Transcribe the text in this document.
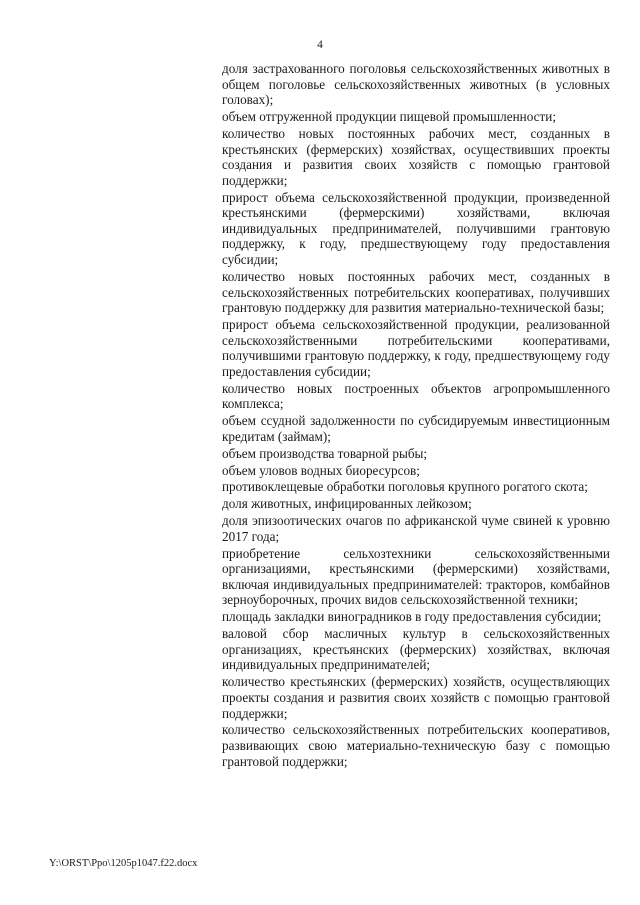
4

доля застрахованного поголовья сельскохозяйственных животных в общем поголовье сельскохозяйственных животных (в условных головах);

объем отгруженной продукции пищевой промышленности;

количество новых постоянных рабочих мест, созданных в крестьянских (фермерских) хозяйствах, осуществивших проекты создания и развития своих хозяйств с помощью грантовой поддержки;

прирост объема сельскохозяйственной продукции, произведенной крестьянскими (фермерскими) хозяйствами, включая индивидуальных предпринимателей, получившими грантовую поддержку, к году, предшествующему году предоставления субсидии;

количество новых постоянных рабочих мест, созданных в сельскохозяйственных потребительских кооперативах, получивших грантовую поддержку для развития материально-технической базы;

прирост объема сельскохозяйственной продукции, реализованной сельскохозяйственными потребительскими кооперативами, получившими грантовую поддержку, к году, предшествующему году предоставления субсидии;

количество новых построенных объектов агропромышленного комплекса;

объем ссудной задолженности по субсидируемым инвестиционным кредитам (займам);

объем производства товарной рыбы;

объем уловов водных биоресурсов;

противоклещевые обработки поголовья крупного рогатого скота;

доля животных, инфицированных лейкозом;

доля эпизоотических очагов по африканской чуме свиней к уровню 2017 года;

приобретение сельхозтехники сельскохозяйственными организациями, крестьянскими (фермерскими) хозяйствами, включая индивидуальных предпринимателей: тракторов, комбайнов зерноуборочных, прочих видов сельскохозяйственной техники;

площадь закладки виноградников в году предоставления субсидии;

валовой сбор масличных культур в сельскохозяйственных организациях, крестьянских (фермерских) хозяйствах, включая индивидуальных предпринимателей;

количество крестьянских (фермерских) хозяйств, осуществляющих проекты создания и развития своих хозяйств с помощью грантовой поддержки;

количество сельскохозяйственных потребительских кооперативов, развивающих свою материально-техническую базу с помощью грантовой поддержки;

Y:\ORST\Ppo\1205p1047.f22.docx
